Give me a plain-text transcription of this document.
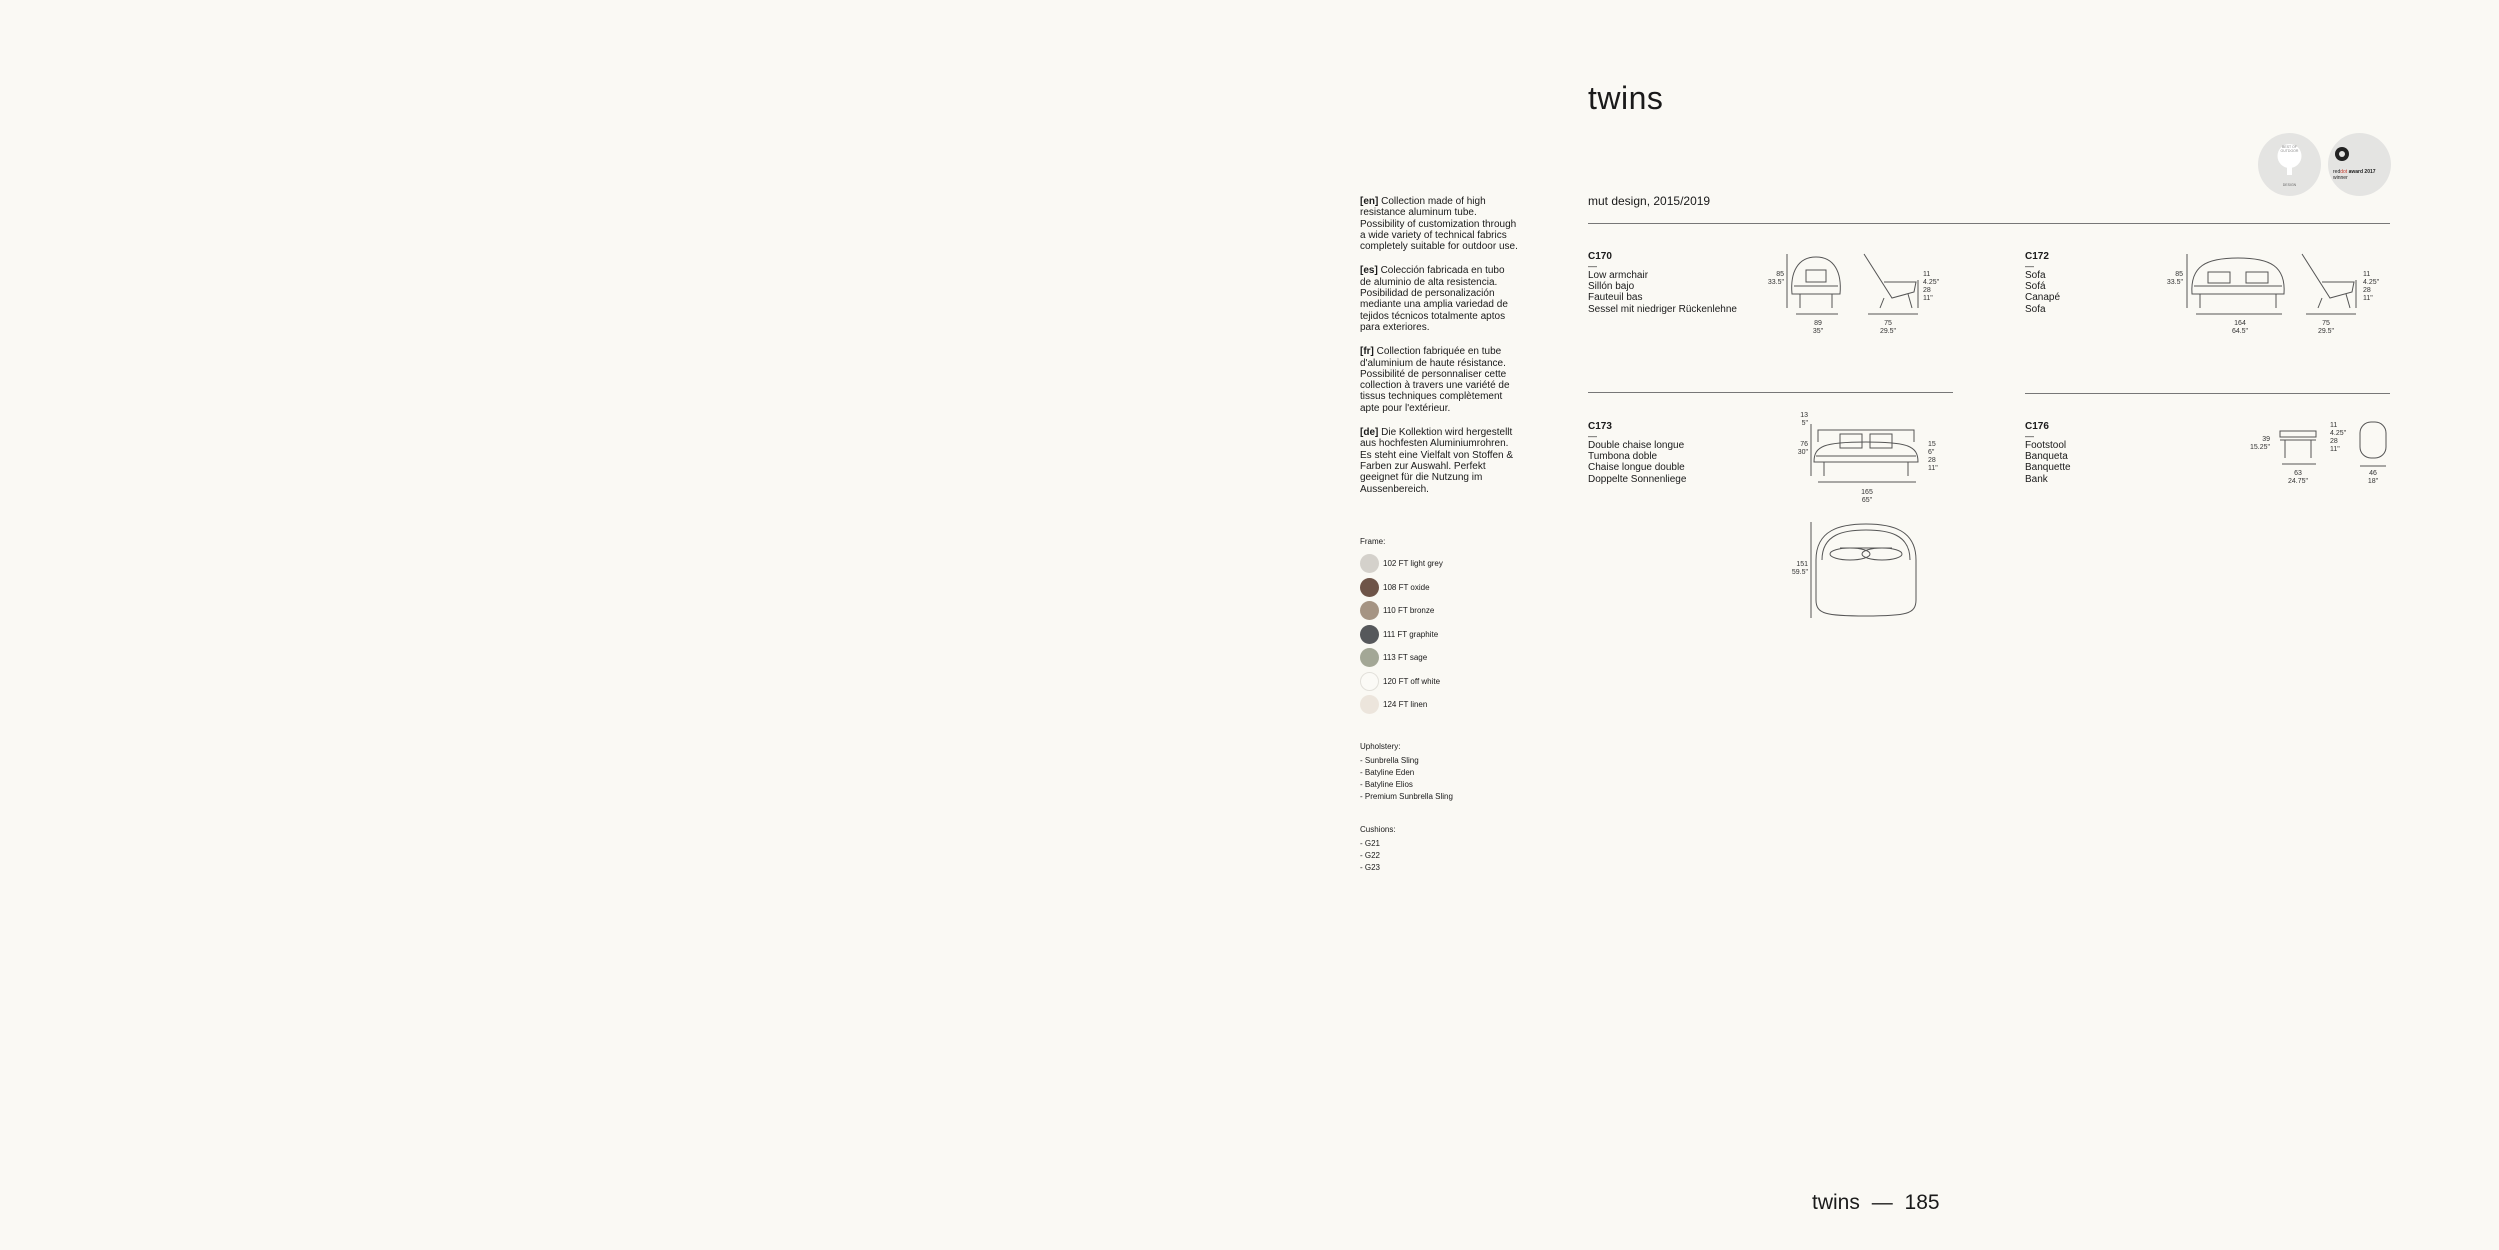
twins
mut design, 2015/2019
BEST OF
OUTDOOR
DESIGN
reddot award 2017
winner

[en] Collection made of high resistance aluminum tube. Possibility of customization through a wide variety of technical fabrics completely suitable for outdoor use.

[es] Colección fabricada en tubo de aluminio de alta resistencia. Posibilidad de personalización mediante una amplia variedad de tejidos técnicos totalmente aptos para exteriores.

[fr] Collection fabriquée en tube d'aluminium de haute résistance. Possibilité de personnaliser cette collection à travers une variété de tissus techniques complètement apte pour l'extérieur.

[de] Die Kollektion wird hergestellt aus hochfesten Aluminiumrohren. Es steht eine Vielfalt von Stoffen & Farben zur Auswahl. Perfekt geeignet für die Nutzung im Aussenbereich.

Frame:
102 FT light grey
108 FT oxide
110 FT bronze
111 FT graphite
113 FT sage
120 FT off white
124 FT linen
Upholstery:
- Sunbrella Sling
- Batyline Eden
- Batyline Elios
- Premium Sunbrella Sling
Cushions:
- G21
- G22
- G23
C170
—
Low armchair
Sillón bajo
Fauteuil bas
Sessel mit niedriger Rückenlehne
85
33.5"
89
35"
11
4.25"
28
11"
75
29.5"
C172
—
Sofa
Sofá
Canapé
Sofa
85
33.5"
164
64.5"
11
4.25"
28
11"
75
29.5"
C173
—
Double chaise longue
Tumbona doble
Chaise longue double
Doppelte Sonnenliege
13
5"
76
30"
15
6"
28
11"
165
65"
151
59.5"
C176
—
Footstool
Banqueta
Banquette
Bank
39
15.25"
11
4.25"
28
11"
63
24.75"
46
18"
twins — 185
